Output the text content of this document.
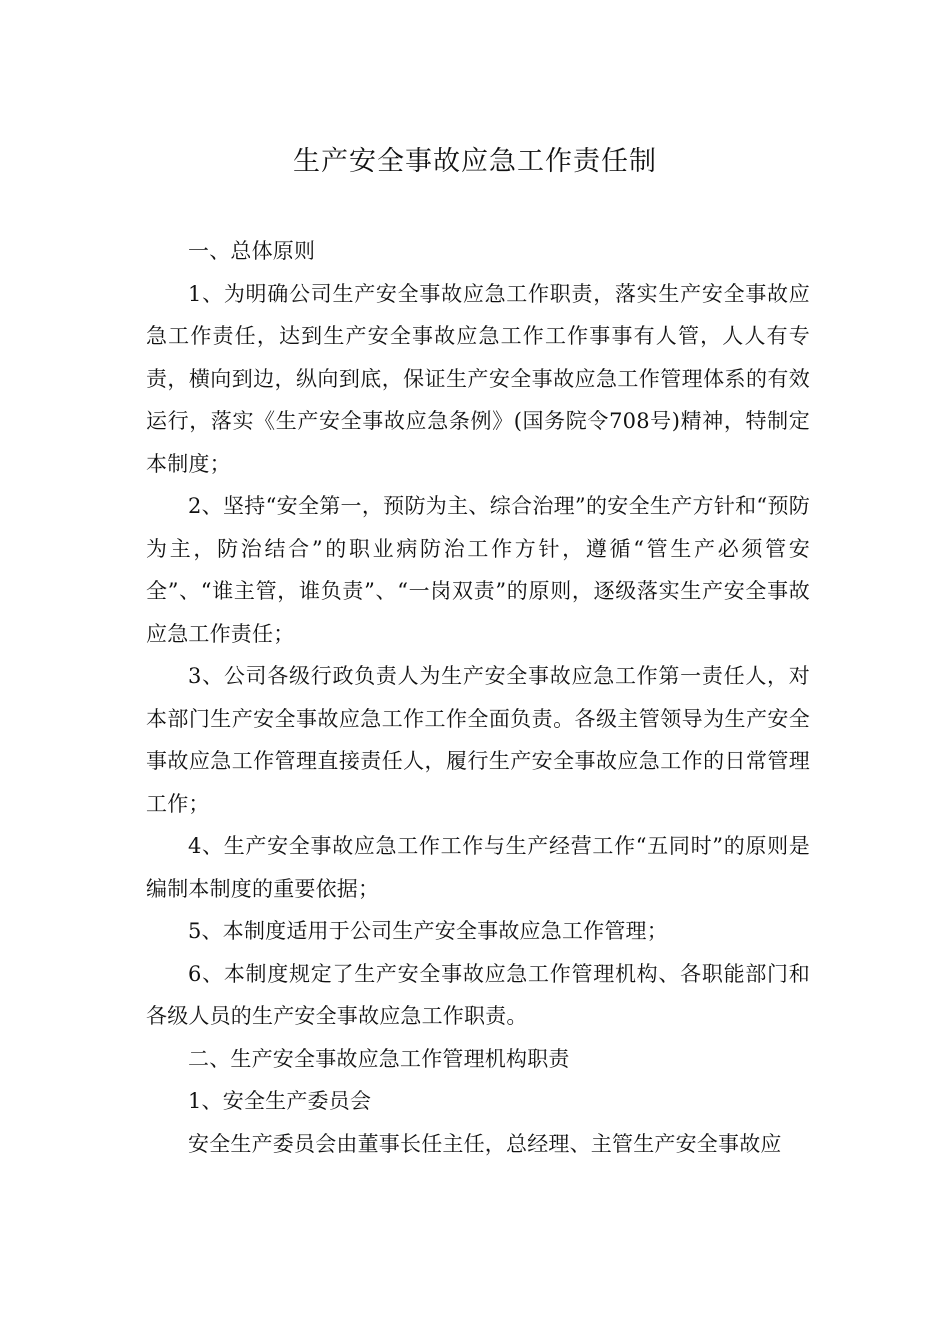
生产安全事故应急工作责任制

一、总体原则

1、为明确公司生产安全事故应急工作职责，落实生产安全事故应急工作责任，达到生产安全事故应急工作工作事事有人管，人人有专责，横向到边，纵向到底，保证生产安全事故应急工作管理体系的有效运行，落实《生产安全事故应急条例》(国务院令708号)精神，特制定本制度；

2、坚持“安全第一，预防为主、综合治理”的安全生产方针和“预防为主，防治结合”的职业病防治工作方针，遵循“管生产必须管安全”、“谁主管，谁负责”、“一岗双责”的原则，逐级落实生产安全事故应急工作责任；

3、公司各级行政负责人为生产安全事故应急工作第一责任人，对本部门生产安全事故应急工作工作全面负责。各级主管领导为生产安全事故应急工作管理直接责任人，履行生产安全事故应急工作的日常管理工作；

4、生产安全事故应急工作工作与生产经营工作“五同时”的原则是编制本制度的重要依据；

5、本制度适用于公司生产安全事故应急工作管理；

6、本制度规定了生产安全事故应急工作管理机构、各职能部门和各级人员的生产安全事故应急工作职责。

二、生产安全事故应急工作管理机构职责

1、安全生产委员会

安全生产委员会由董事长任主任，总经理、主管生产安全事故应
